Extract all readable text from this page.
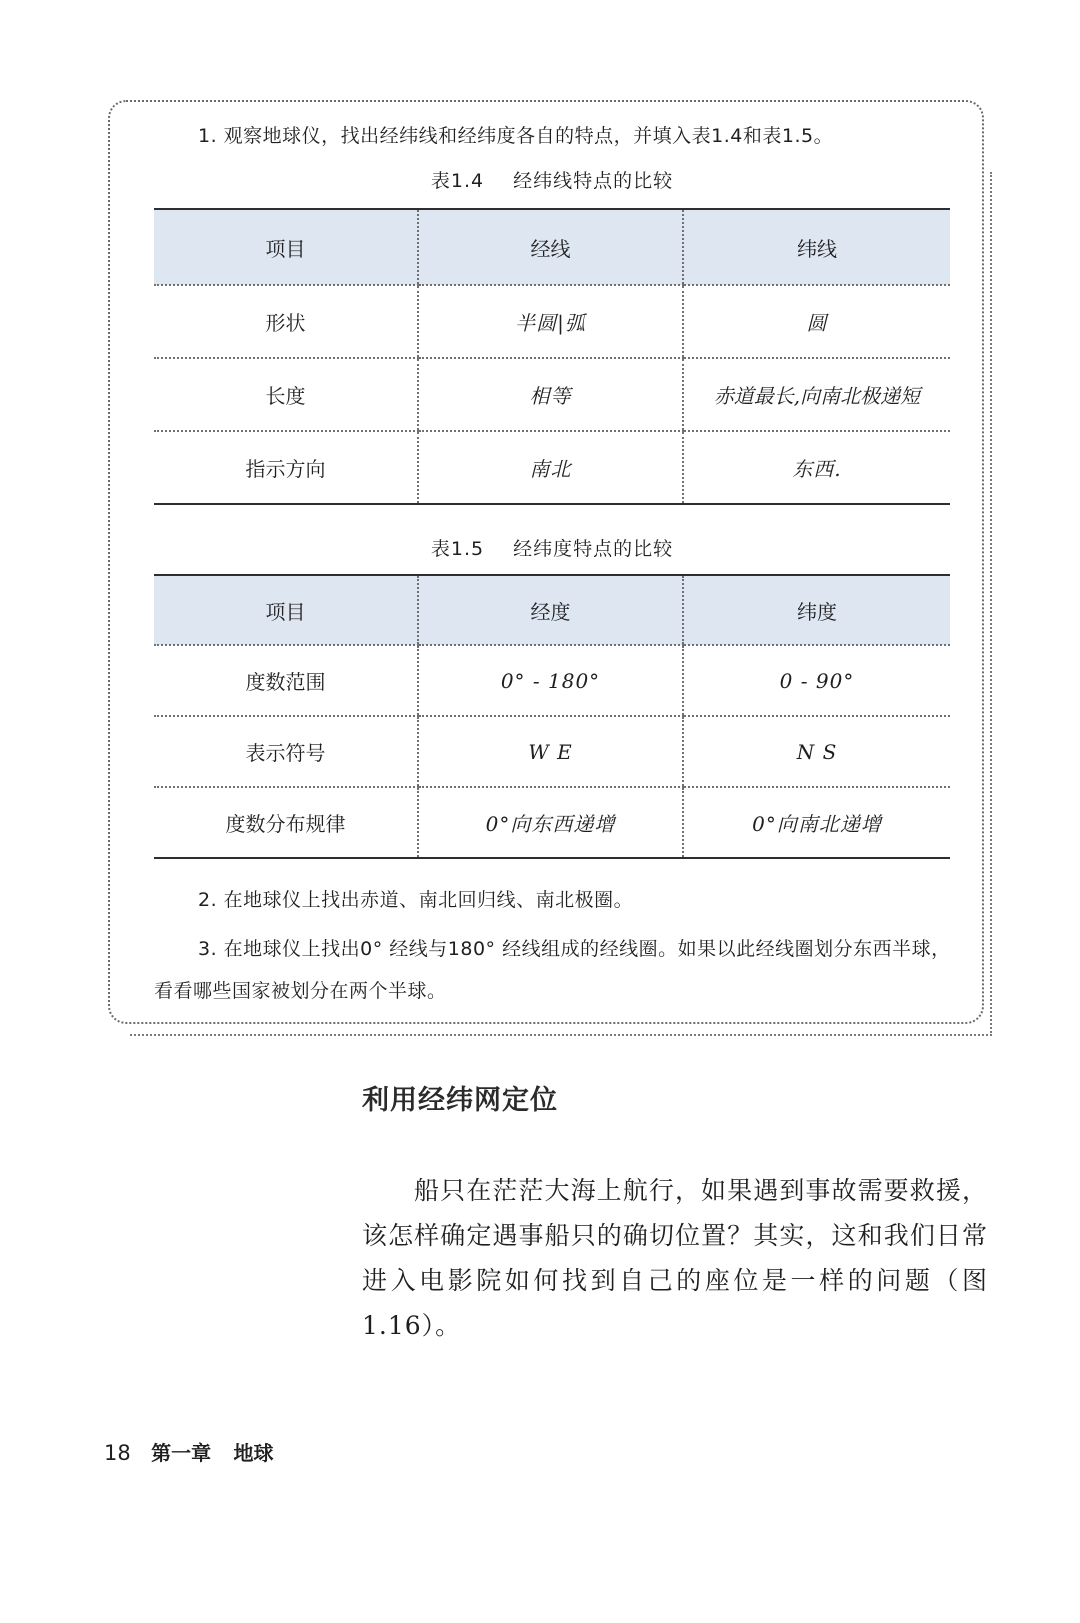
1. 观察地球仪，找出经纬线和经纬度各自的特点，并填入表1.4和表1.5。
表1.4 经纬线特点的比较
项目	经线	纬线
形状	半圆|弧	圆
长度	相等	赤道最长,向南北极递短
指示方向	南北	东西.
表1.5 经纬度特点的比较
项目	经度	纬度
度数范围	0° - 180°	0 - 90°
表示符号	W E	N S
度数分布规律	0°向东西递增	0°向南北递增
2. 在地球仪上找出赤道、南北回归线、南北极圈。
3. 在地球仪上找出0° 经线与180° 经线组成的经线圈。如果以此经线圈划分东西半球，看看哪些国家被划分在两个半球。
利用经纬网定位
船只在茫茫大海上航行，如果遇到事故需要救援，该怎样确定遇事船只的确切位置？其实，这和我们日常进入电影院如何找到自己的座位是一样的问题（图1.16）。
18 第一章 地球
